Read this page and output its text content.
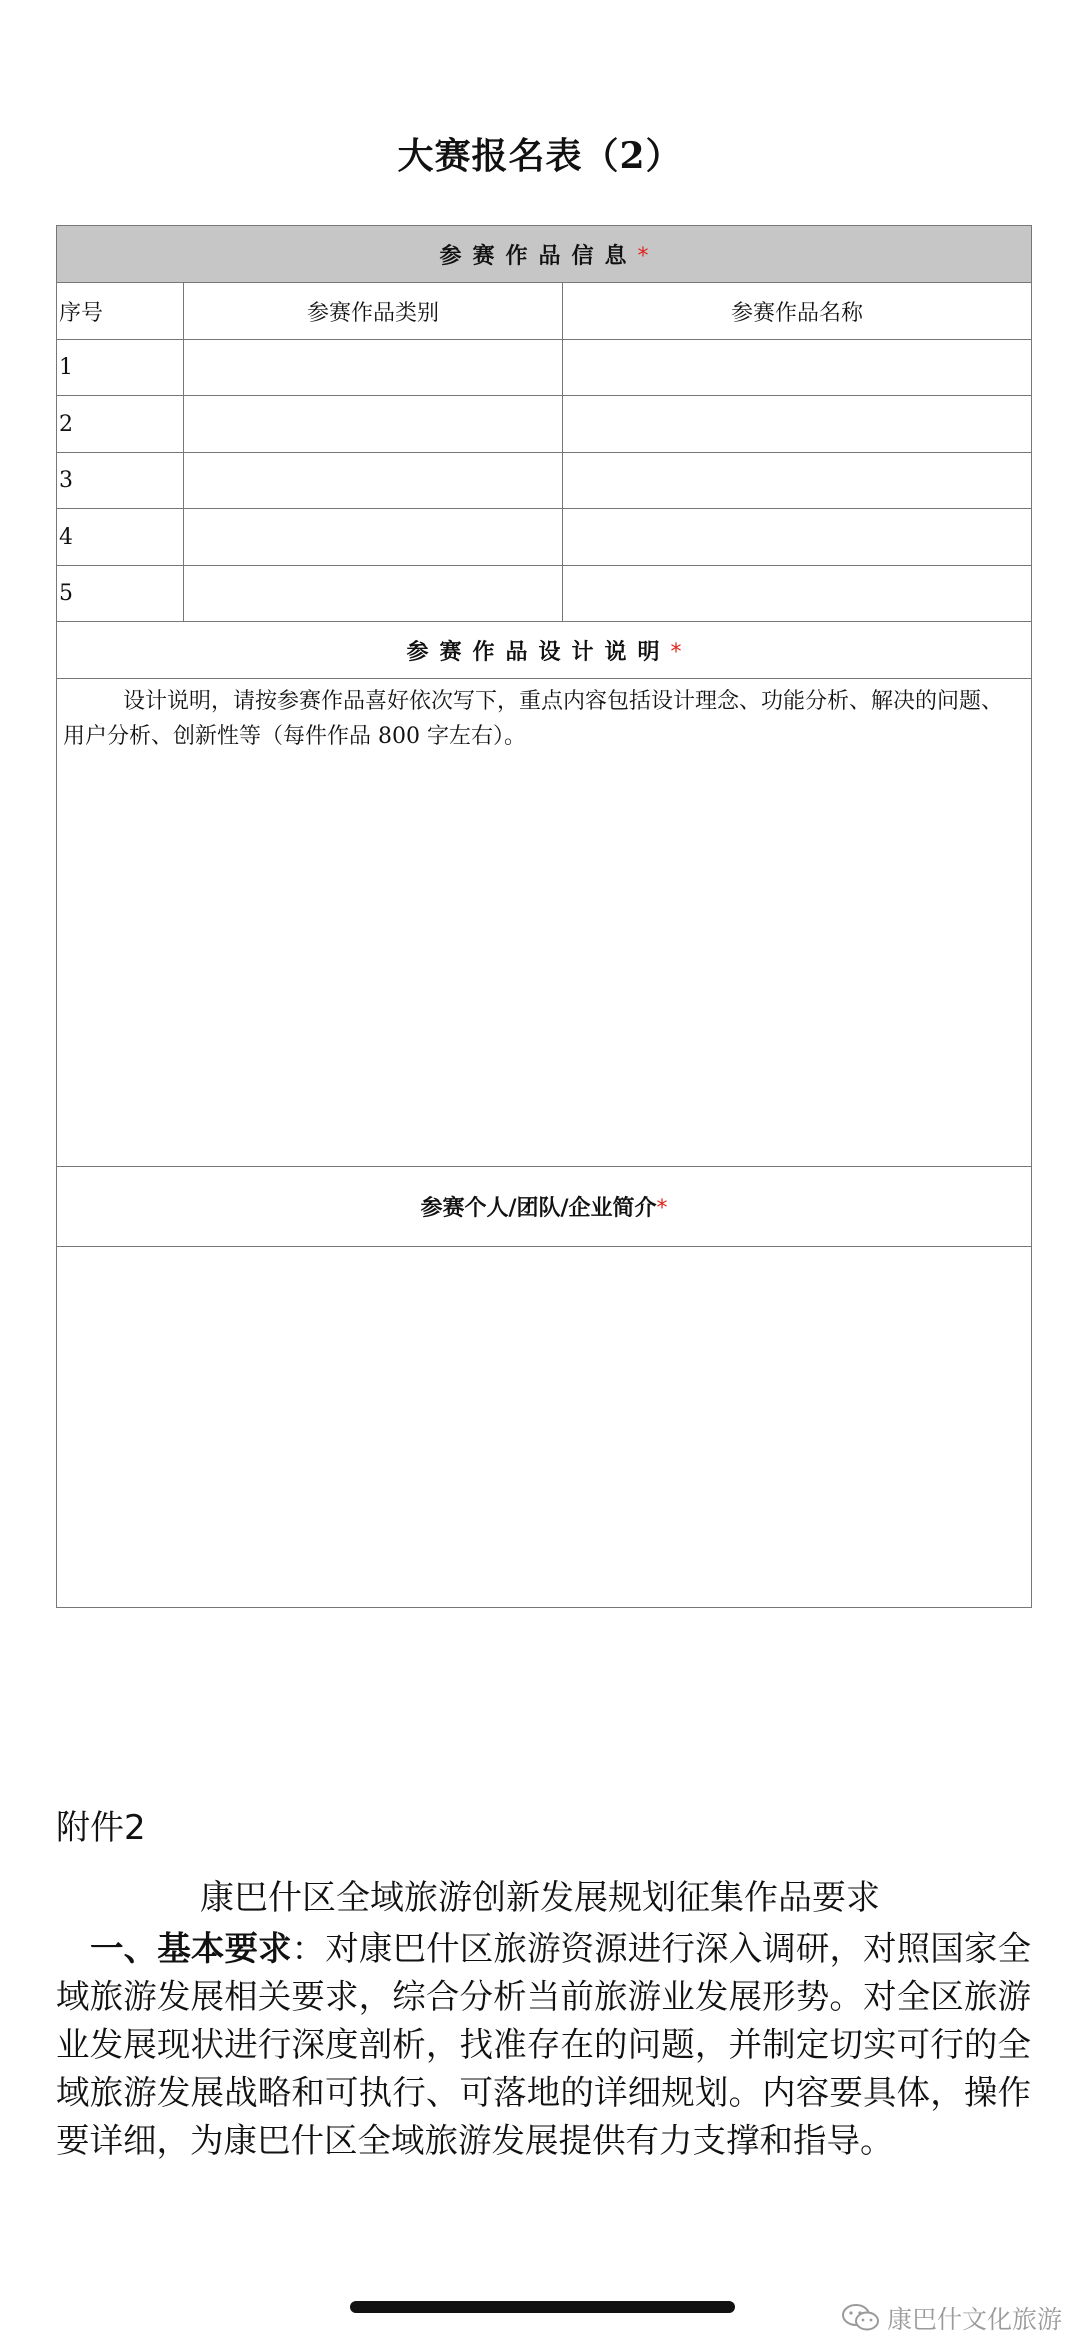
大赛报名表（2）
参赛作品信息*		
序号	参赛作品类别	参赛作品名称
1		
2		
3		
4		
5		
参赛作品设计说明*		
设计说明，请按参赛作品喜好依次写下，重点内容包括设计理念、功能分析、解决的问题、用户分析、创新性等（每件作品 800 字左右）。		
参赛个人/团队/企业简介*		

附件2
康巴什区全域旅游创新发展规划征集作品要求
一、基本要求：对康巴什区旅游资源进行深入调研，对照国家全域旅游发展相关要求，综合分析当前旅游业发展形势。对全区旅游业发展现状进行深度剖析，找准存在的问题，并制定切实可行的全域旅游发展战略和可执行、可落地的详细规划。内容要具体，操作要详细，为康巴什区全域旅游发展提供有力支撑和指导。
康巴什文化旅游
